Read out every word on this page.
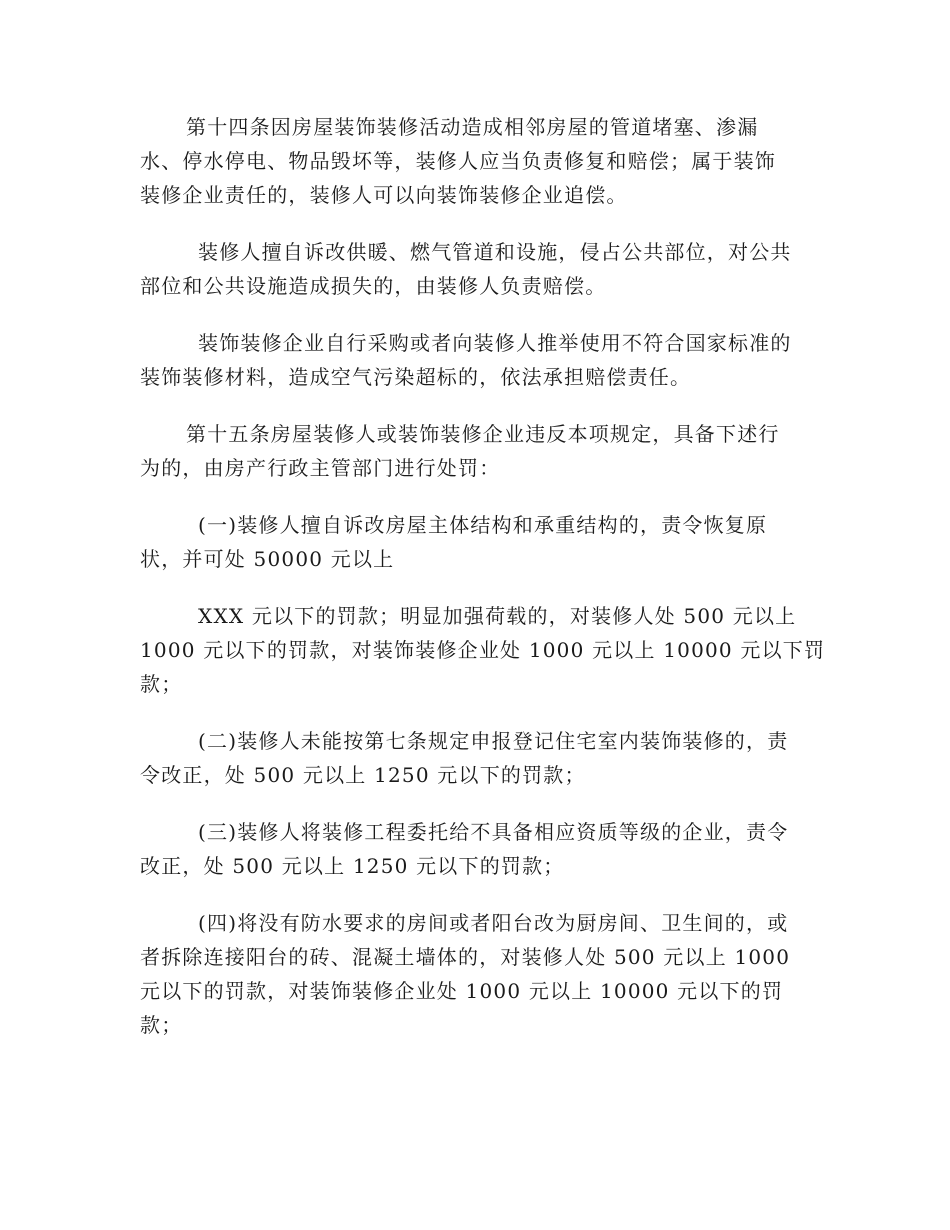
第十四条因房屋装饰装修活动造成相邻房屋的管道堵塞、渗漏
水、停水停电、物品毁坏等，装修人应当负责修复和赔偿；属于装饰
装修企业责任的，装修人可以向装饰装修企业追偿。
装修人擅自诉改供暖、燃气管道和设施，侵占公共部位，对公共
部位和公共设施造成损失的，由装修人负责赔偿。
装饰装修企业自行采购或者向装修人推举使用不符合国家标准的
装饰装修材料，造成空气污染超标的，依法承担赔偿责任。
第十五条房屋装修人或装饰装修企业违反本项规定，具备下述行
为的，由房产行政主管部门进行处罚：
(一)装修人擅自诉改房屋主体结构和承重结构的，责令恢复原
状，并可处 50000 元以上
XXX 元以下的罚款；明显加强荷载的，对装修人处 500 元以上
1000 元以下的罚款，对装饰装修企业处 1000 元以上 10000 元以下罚
款；
(二)装修人未能按第七条规定申报登记住宅室内装饰装修的，责
令改正，处 500 元以上 1250 元以下的罚款；
(三)装修人将装修工程委托给不具备相应资质等级的企业，责令
改正，处 500 元以上 1250 元以下的罚款；
(四)将没有防水要求的房间或者阳台改为厨房间、卫生间的，或
者拆除连接阳台的砖、混凝土墙体的，对装修人处 500 元以上 1000
元以下的罚款，对装饰装修企业处 1000 元以上 10000 元以下的罚
款；
